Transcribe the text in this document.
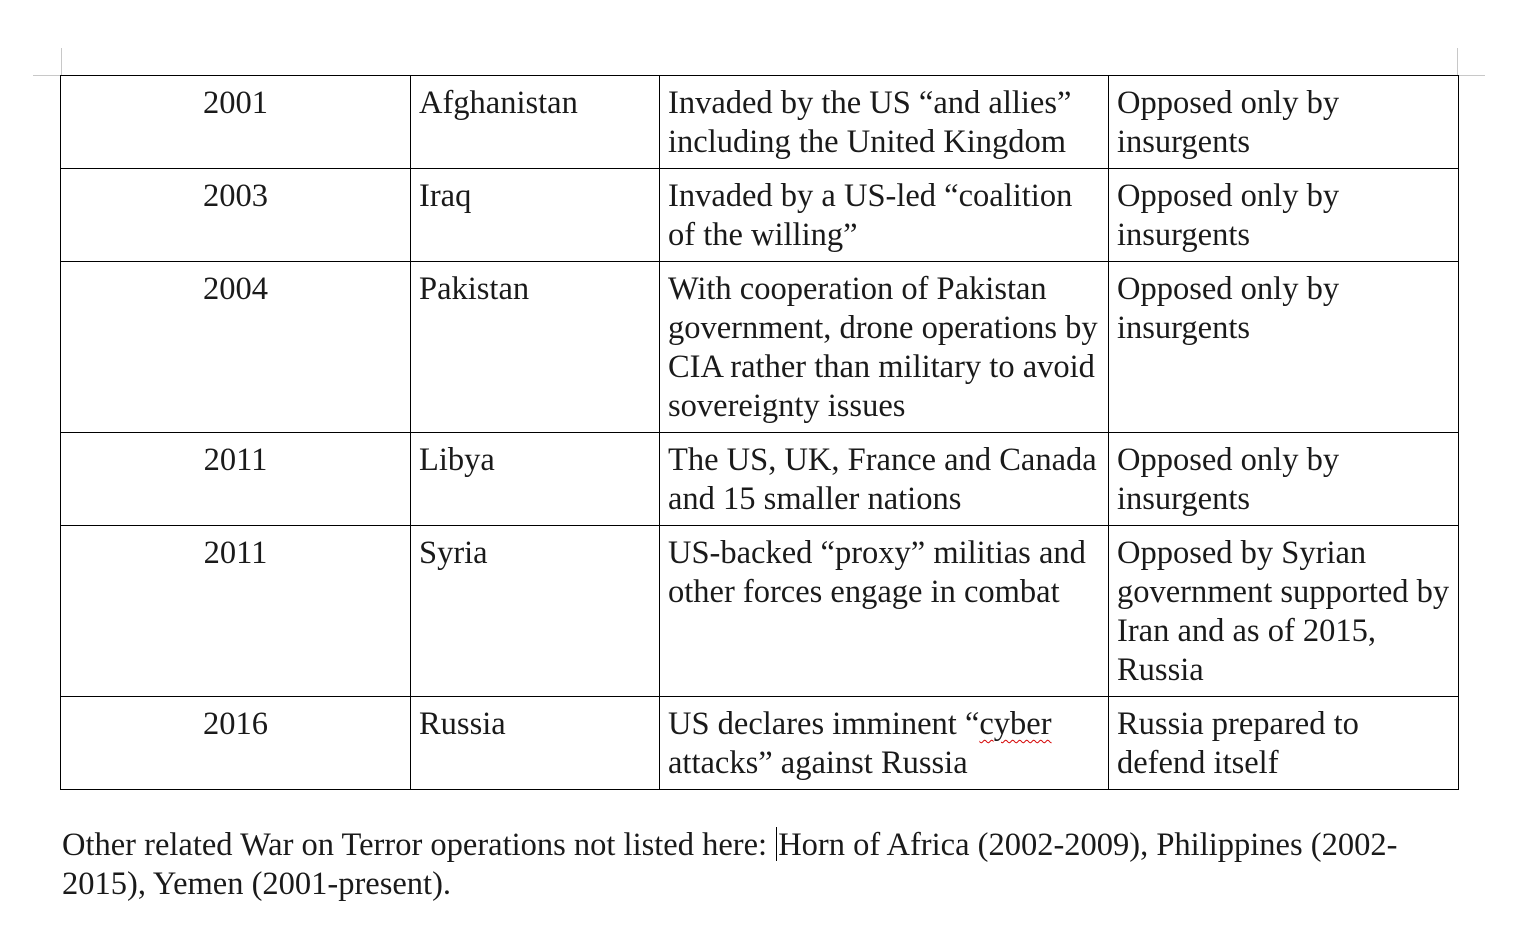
2001	Afghanistan	Invaded by the US “and allies” including the United Kingdom	Opposed only by insurgents
2003	Iraq	Invaded by a US-led “coalition of the willing”	Opposed only by insurgents
2004	Pakistan	With cooperation of Pakistan government, drone operations by CIA rather than military to avoid sovereignty issues	Opposed only by insurgents
2011	Libya	The US, UK, France and Canada and 15 smaller nations	Opposed only by insurgents
2011	Syria	US-backed “proxy” militias and other forces engage in combat	Opposed by Syrian government supported by Iran and as of 2015, Russia
2016	Russia	US declares imminent “cyber attacks” against Russia	Russia prepared to defend itself

Other related War on Terror operations not listed here: Horn of Africa (2002-2009), Philippines (2002-2015), Yemen (2001-present).
